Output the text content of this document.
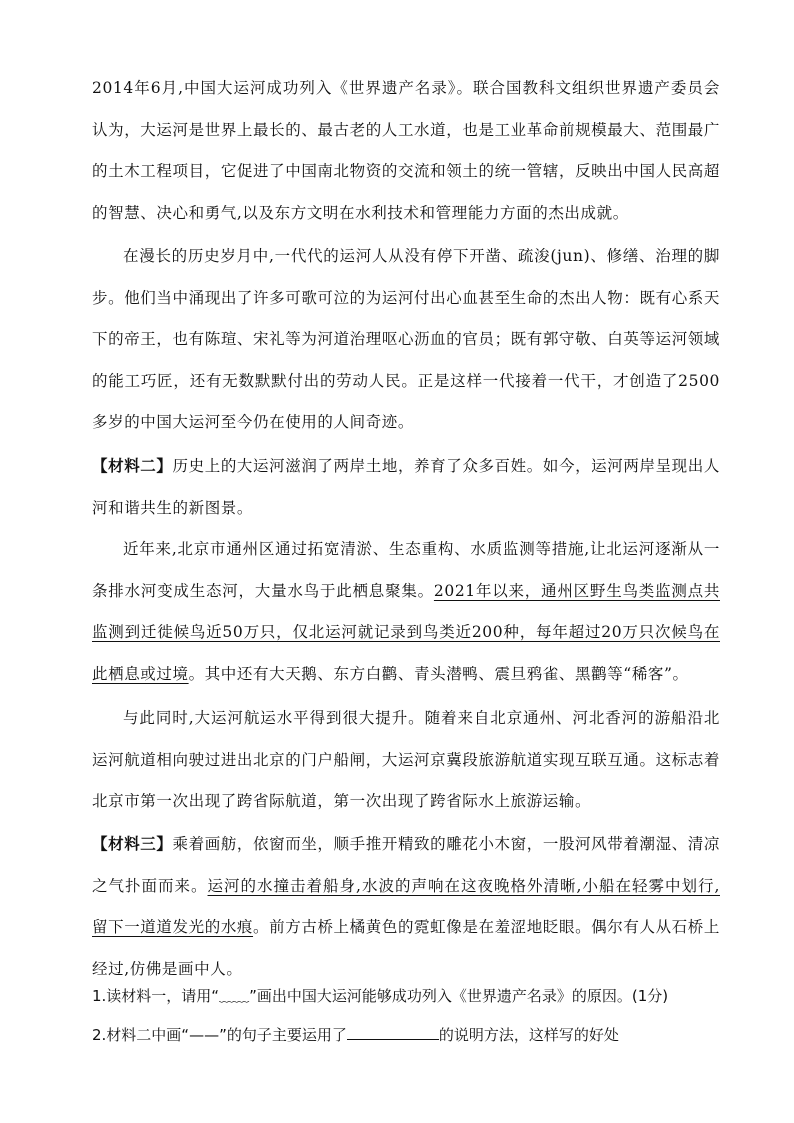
2014年6月,中国大运河成功列入《世界遗产名录》。联合国教科文组织世界遗产委员会认为，大运河是世界上最长的、最古老的人工水道，也是工业革命前规模最大、范围最广的土木工程项目，它促进了中国南北物资的交流和领土的统一管辖，反映出中国人民高超的智慧、决心和勇气,以及东方文明在水利技术和管理能力方面的杰出成就。

在漫长的历史岁月中,一代代的运河人从没有停下开凿、疏浚(jun)、修缮、治理的脚步。他们当中涌现出了许多可歌可泣的为运河付出心血甚至生命的杰出人物：既有心系天下的帝王，也有陈瑄、宋礼等为河道治理呕心沥血的官员；既有郭守敬、白英等运河领域的能工巧匠，还有无数默默付出的劳动人民。正是这样一代接着一代干，才创造了2500多岁的中国大运河至今仍在使用的人间奇迹。

【材料二】历史上的大运河滋润了两岸土地，养育了众多百姓。如今，运河两岸呈现出人河和谐共生的新图景。

近年来,北京市通州区通过拓宽清淤、生态重构、水质监测等措施,让北运河逐渐从一条排水河变成生态河，大量水鸟于此栖息聚集。2021年以来，通州区野生鸟类监测点共监测到迁徙候鸟近50万只，仅北运河就记录到鸟类近200种，每年超过20万只次候鸟在此栖息或过境。其中还有大天鹅、东方白鹳、青头潜鸭、震旦鸦雀、黑鹳等“稀客”。

与此同时,大运河航运水平得到很大提升。随着来自北京通州、河北香河的游船沿北运河航道相向驶过进出北京的门户船闸，大运河京冀段旅游航道实现互联互通。这标志着北京市第一次出现了跨省际航道，第一次出现了跨省际水上旅游运输。

【材料三】乘着画舫，依窗而坐，顺手推开精致的雕花小木窗，一股河风带着潮湿、清凉之气扑面而来。运河的水撞击着船身,水波的声响在这夜晚格外清晰,小船在轻雾中划行,留下一道道发光的水痕。前方古桥上橘黄色的霓虹像是在羞涩地眨眼。偶尔有人从石桥上经过,仿佛是画中人。

1.读材料一，请用“﹏﹏”画出中国大运河能够成功列入《世界遗产名录》的原因。(1分)

2.材料二中画“——”的句子主要运用了	的说明方法，这样写的好处
